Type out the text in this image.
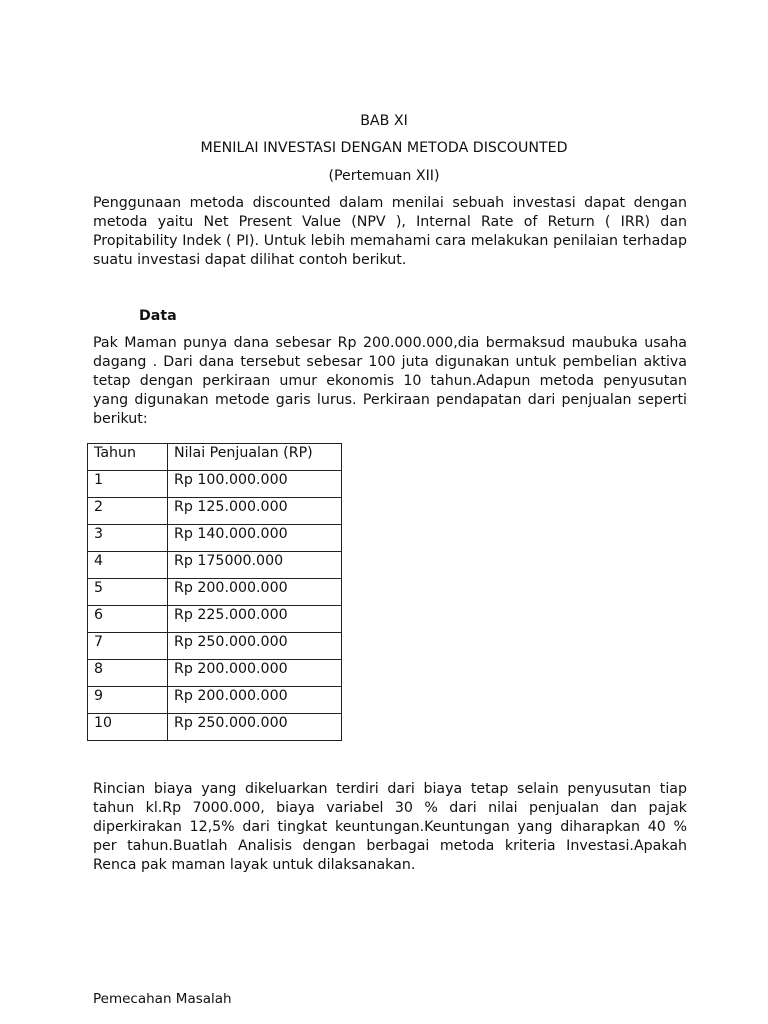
BAB XI
MENILAI INVESTASI DENGAN METODA DISCOUNTED
(Pertemuan XII)
Penggunaan metoda discounted dalam menilai sebuah investasi dapat dengan metoda yaitu Net Present Value (NPV ), Internal Rate of Return ( IRR) dan Propitability Indek ( PI). Untuk lebih memahami cara melakukan penilaian terhadap suatu investasi dapat dilihat contoh berikut.
Data
Pak Maman punya dana sebesar Rp 200.000.000,dia bermaksud maubuka usaha dagang . Dari dana tersebut sebesar 100 juta digunakan untuk pembelian aktiva tetap dengan perkiraan umur ekonomis 10 tahun.Adapun metoda penyusutan yang digunakan metode garis lurus. Perkiraan pendapatan dari penjualan seperti berikut:
Tahun	Nilai Penjualan (RP)
1	Rp 100.000.000
2	Rp 125.000.000
3	Rp 140.000.000
4	Rp 175000.000
5	Rp 200.000.000
6	Rp 225.000.000
7	Rp 250.000.000
8	Rp 200.000.000
9	Rp 200.000.000
10	Rp 250.000.000
Rincian biaya yang dikeluarkan terdiri dari biaya tetap selain penyusutan tiap tahun kl.Rp 7000.000, biaya variabel 30 % dari nilai penjualan dan pajak diperkirakan 12,5% dari tingkat keuntungan.Keuntungan yang diharapkan 40 % per tahun.Buatlah Analisis dengan berbagai metoda kriteria Investasi.Apakah Renca pak maman layak untuk dilaksanakan.
Pemecahan Masalah
